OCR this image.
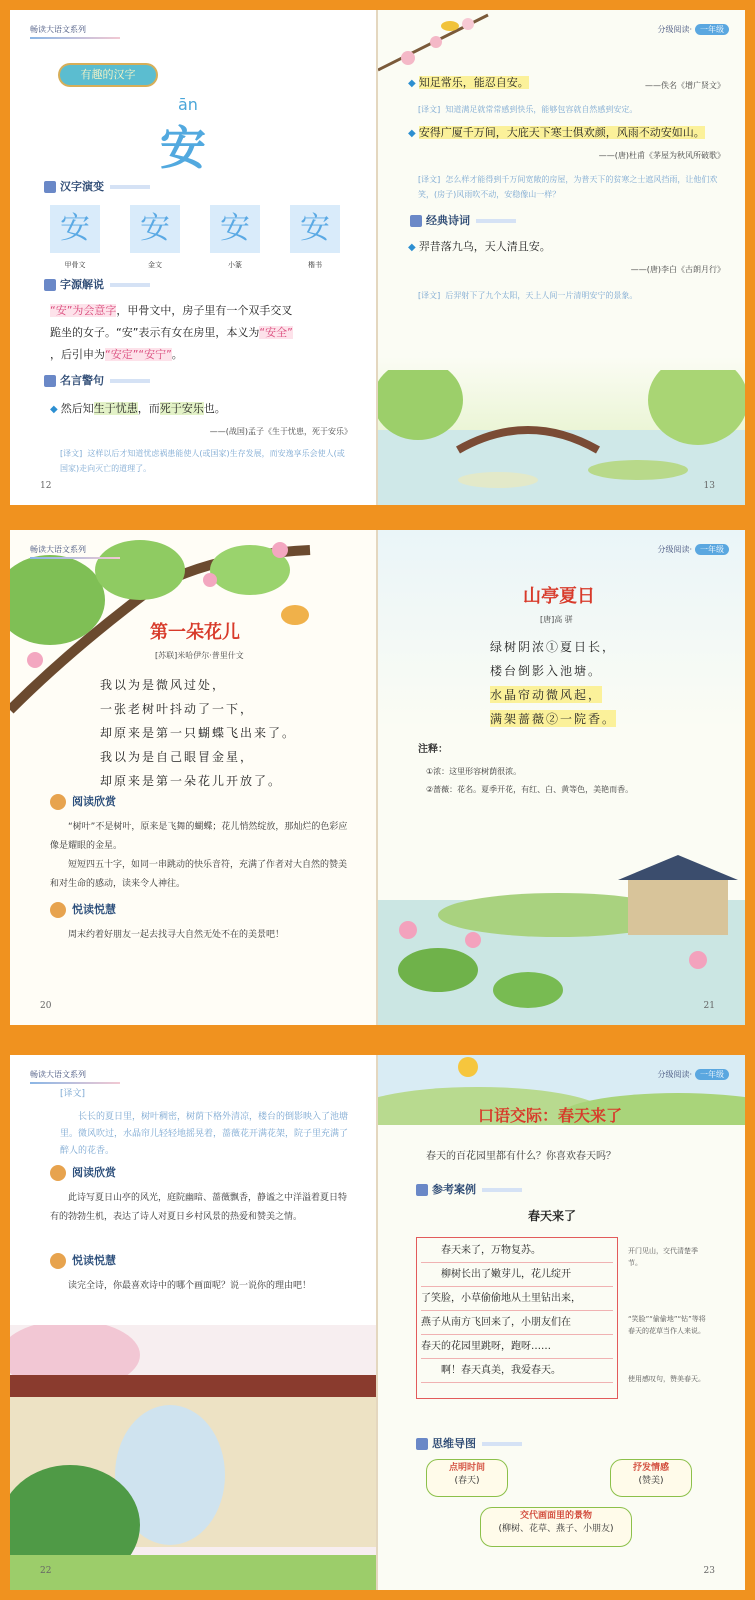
畅读大语文系列
有趣的汉字
ān
安
汉字演变
安	安	安	安
甲骨文	金文	小篆	楷书
字源解说
“安”为会意字，甲骨文中，房子里有一个双手交叉
跪坐的女子。“安”表示有女在房里，本义为“安全”
，后引申为“安定”“安宁”。
名言警句
◆ 然后知生于忧患，而死于安乐也。
——(战国)孟子《生于忧患，死于安乐》
[译文] 这样以后才知道忧虑祸患能使人(或国家)生存发展，而安逸享乐会使人(或国家)走向灭亡的道理了。
12
分级阅读· 一年级
◆ 知足常乐，能忍自安。	——佚名《增广贤文》
[译文] 知道满足就常常感到快乐，能够包容就自然感到安定。
◆ 安得广厦千万间，大庇天下寒士俱欢颜，风雨不动安如山。
——(唐)杜甫《茅屋为秋风所破歌》
[译文] 怎么样才能得到千万间宽敞的房屋，为普天下的贫寒之士遮风挡雨，让他们欢笑，(房子)风雨吹不动，安稳像山一样？
经典诗词
◆ 羿昔落九乌，天人清且安。
——(唐)李白《古朗月行》
[译文] 后羿射下了九个太阳，天上人间一片清明安宁的景象。
13
畅读大语文系列
第一朵花儿
[苏联]米哈伊尔·普里什文
我以为是微风过处，
一张老树叶抖动了一下，
却原来是第一只蝴蝶飞出来了。
我以为是自己眼冒金星，
却原来是第一朵花儿开放了。
阅读欣赏
“树叶”不是树叶，原来是飞舞的蝴蝶；花儿悄然绽放，那灿烂的色彩应像是耀眼的金星。
短短四五十字，如同一串跳动的快乐音符，充满了作者对大自然的赞美和对生命的感动，读来令人神往。
悦读悦慧
周末约着好朋友一起去找寻大自然无处不在的美景吧！
20
分级阅读· 一年级
山亭夏日
[唐]高 骈
绿树阴浓①夏日长，
楼台倒影入池塘。
水晶帘动微风起，
满架蔷薇②一院香。
注释：
①浓：这里形容树荫很浓。
②蔷薇：花名。夏季开花，有红、白、黄等色，美艳而香。
21
畅读大语文系列
[译文]
长长的夏日里，树叶稠密，树荫下格外清凉，楼台的倒影映入了池塘里。微风吹过，水晶帘儿轻轻地摇晃着，蔷薇花开满花架，院子里充满了醉人的花香。
阅读欣赏
此诗写夏日山亭的风光，庭院幽暗、蔷薇飘香，静谧之中洋溢着夏日特有的勃勃生机，表达了诗人对夏日乡村风景的热爱和赞美之情。
悦读悦慧
读完全诗，你最喜欢诗中的哪个画面呢？说一说你的理由吧！
22
分级阅读· 一年级
口语交际：春天来了
春天的百花园里都有什么？你喜欢春天吗？
参考案例
春天来了
春天来了，万物复苏。
柳树长出了嫩芽儿，花儿绽开
了笑脸，小草偷偷地从土里钻出来，
燕子从南方飞回来了，小朋友们在
春天的花园里跳呀，跑呀……
啊！春天真美，我爱春天。
开门见山，交代清楚季节。
“笑脸”“偷偷地”“钻”等将春天的花草当作人来说。
使用感叹句，赞美春天。
思维导图
点明时间
(春天)
抒发情感
(赞美)
交代画面里的景物
(柳树、花草、燕子、小朋友)
23
